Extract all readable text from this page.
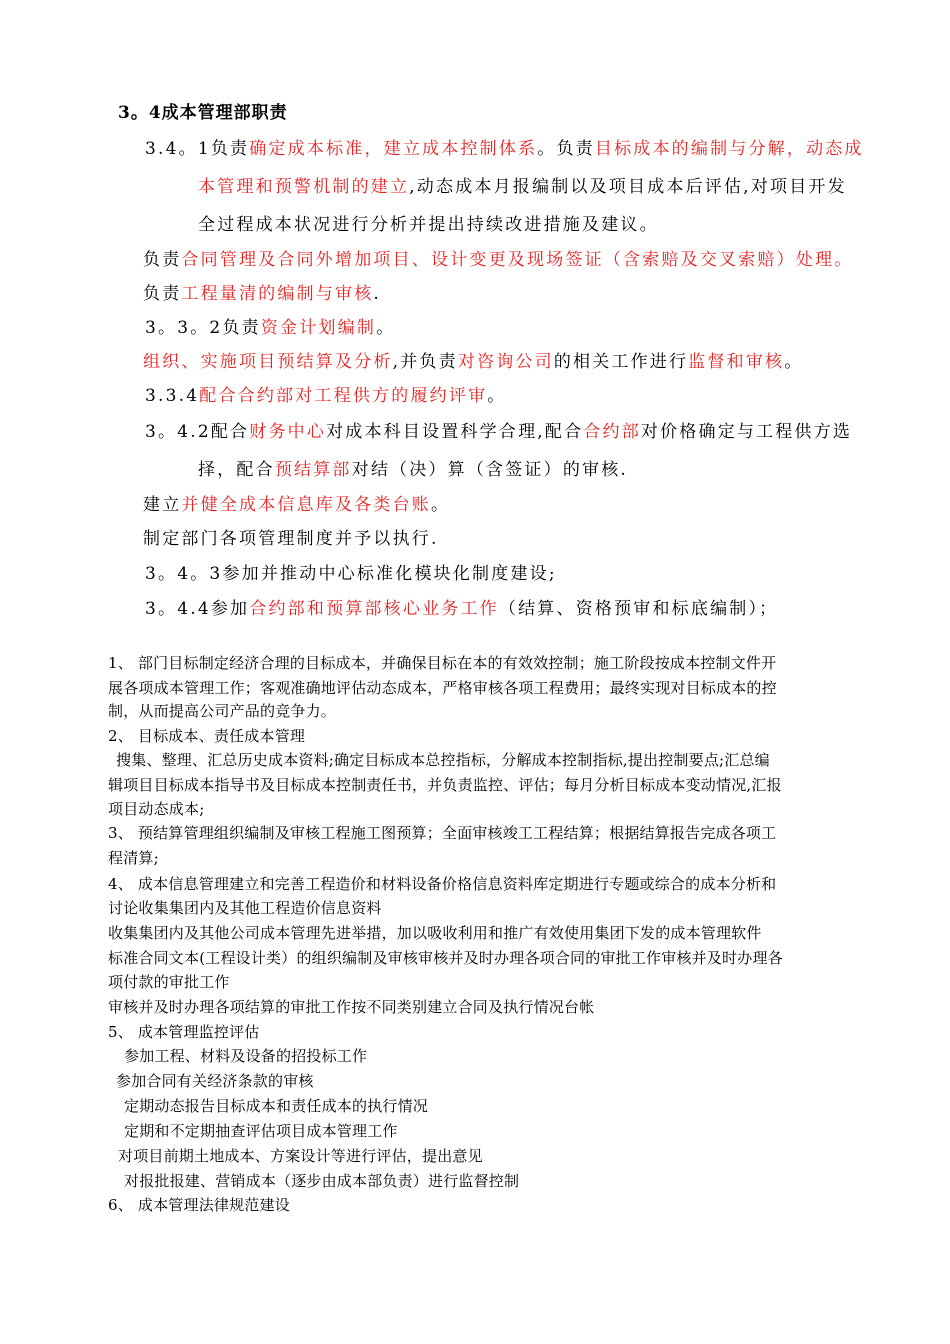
3。4成本管理部职责
3.4。1负责确定成本标准，建立成本控制体系。负责目标成本的编制与分解，动态成
本管理和预警机制的建立,动态成本月报编制以及项目成本后评估,对项目开发
全过程成本状况进行分析并提出持续改进措施及建议。
负责合同管理及合同外增加项目、设计变更及现场签证（含索赔及交叉索赔）处理。
负责工程量清的编制与审核.
3。3。2负责资金计划编制。
组织、实施项目预结算及分析,并负责对咨询公司的相关工作进行监督和审核。
3.3.4配合合约部对工程供方的履约评审。
3。4.2配合财务中心对成本科目设置科学合理,配合合约部对价格确定与工程供方选
择，配合预结算部对结（决）算（含签证）的审核.
建立并健全成本信息库及各类台账。
制定部门各项管理制度并予以执行.
3。4。3参加并推动中心标准化模块化制度建设;
3。4.4参加合约部和预算部核心业务工作（结算、资格预审和标底编制）；
1、 部门目标制定经济合理的目标成本，并确保目标在本的有效效控制；施工阶段按成本控制文件开
展各项成本管理工作；客观准确地评估动态成本，严格审核各项工程费用；最终实现对目标成本的控
制，从而提高公司产品的竞争力。
2、 目标成本、责任成本管理
搜集、整理、汇总历史成本资料;确定目标成本总控指标，分解成本控制指标,提出控制要点;汇总编
辑项目目标成本指导书及目标成本控制责任书，并负责监控、评估；每月分析目标成本变动情况,汇报
项目动态成本;
3、 预结算管理组织编制及审核工程施工图预算；全面审核竣工工程结算；根据结算报告完成各项工
程清算;
4、 成本信息管理建立和完善工程造价和材料设备价格信息资料库定期进行专题或综合的成本分析和
讨论收集集团内及其他工程造价信息资料
收集集团内及其他公司成本管理先进举措，加以吸收利用和推广有效使用集团下发的成本管理软件
标准合同文本(工程设计类）的组织编制及审核审核并及时办理各项合同的审批工作审核并及时办理各
项付款的审批工作
审核并及时办理各项结算的审批工作按不同类别建立合同及执行情况台帐
5、 成本管理监控评估
参加工程、材料及设备的招投标工作
参加合同有关经济条款的审核
定期动态报告目标成本和责任成本的执行情况
定期和不定期抽查评估项目成本管理工作
对项目前期土地成本、方案设计等进行评估，提出意见
对报批报建、营销成本（逐步由成本部负责）进行监督控制
6、 成本管理法律规范建设
